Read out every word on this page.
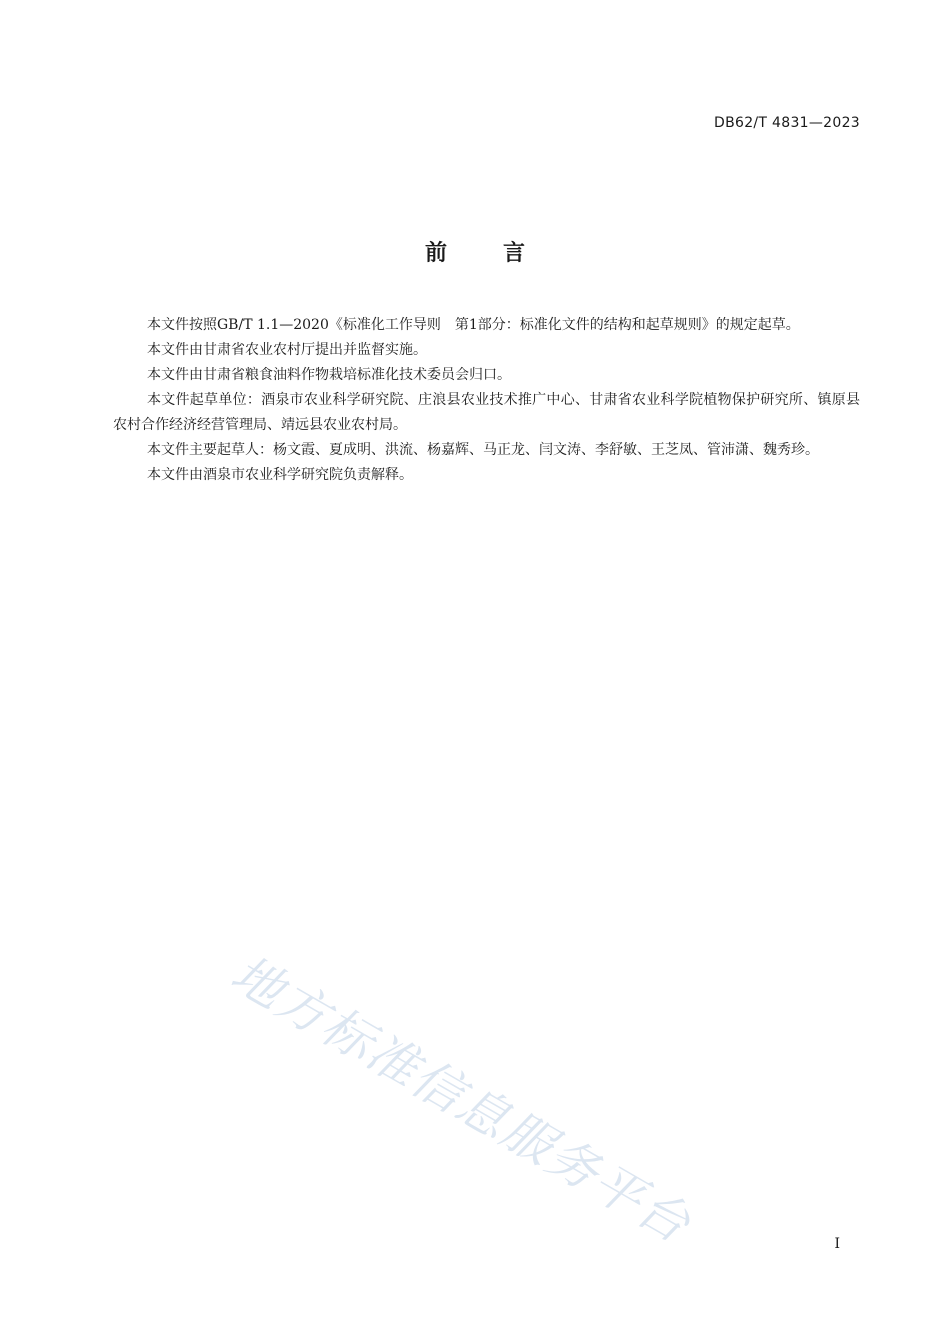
DB62/T 4831—2023
前言

本文件按照GB/T 1.1—2020《标准化工作导则　第1部分：标准化文件的结构和起草规则》的规定起草。

本文件由甘肃省农业农村厅提出并监督实施。

本文件由甘肃省粮食油料作物栽培标准化技术委员会归口。

本文件起草单位：酒泉市农业科学研究院、庄浪县农业技术推广中心、甘肃省农业科学院植物保护研究所、镇原县农村合作经济经营管理局、靖远县农业农村局。

本文件主要起草人：杨文霞、夏成明、洪流、杨嘉辉、马正龙、闫文涛、李舒敏、王芝凤、管沛潇、魏秀珍。

本文件由酒泉市农业科学研究院负责解释。

地方标准信息服务平台	I
